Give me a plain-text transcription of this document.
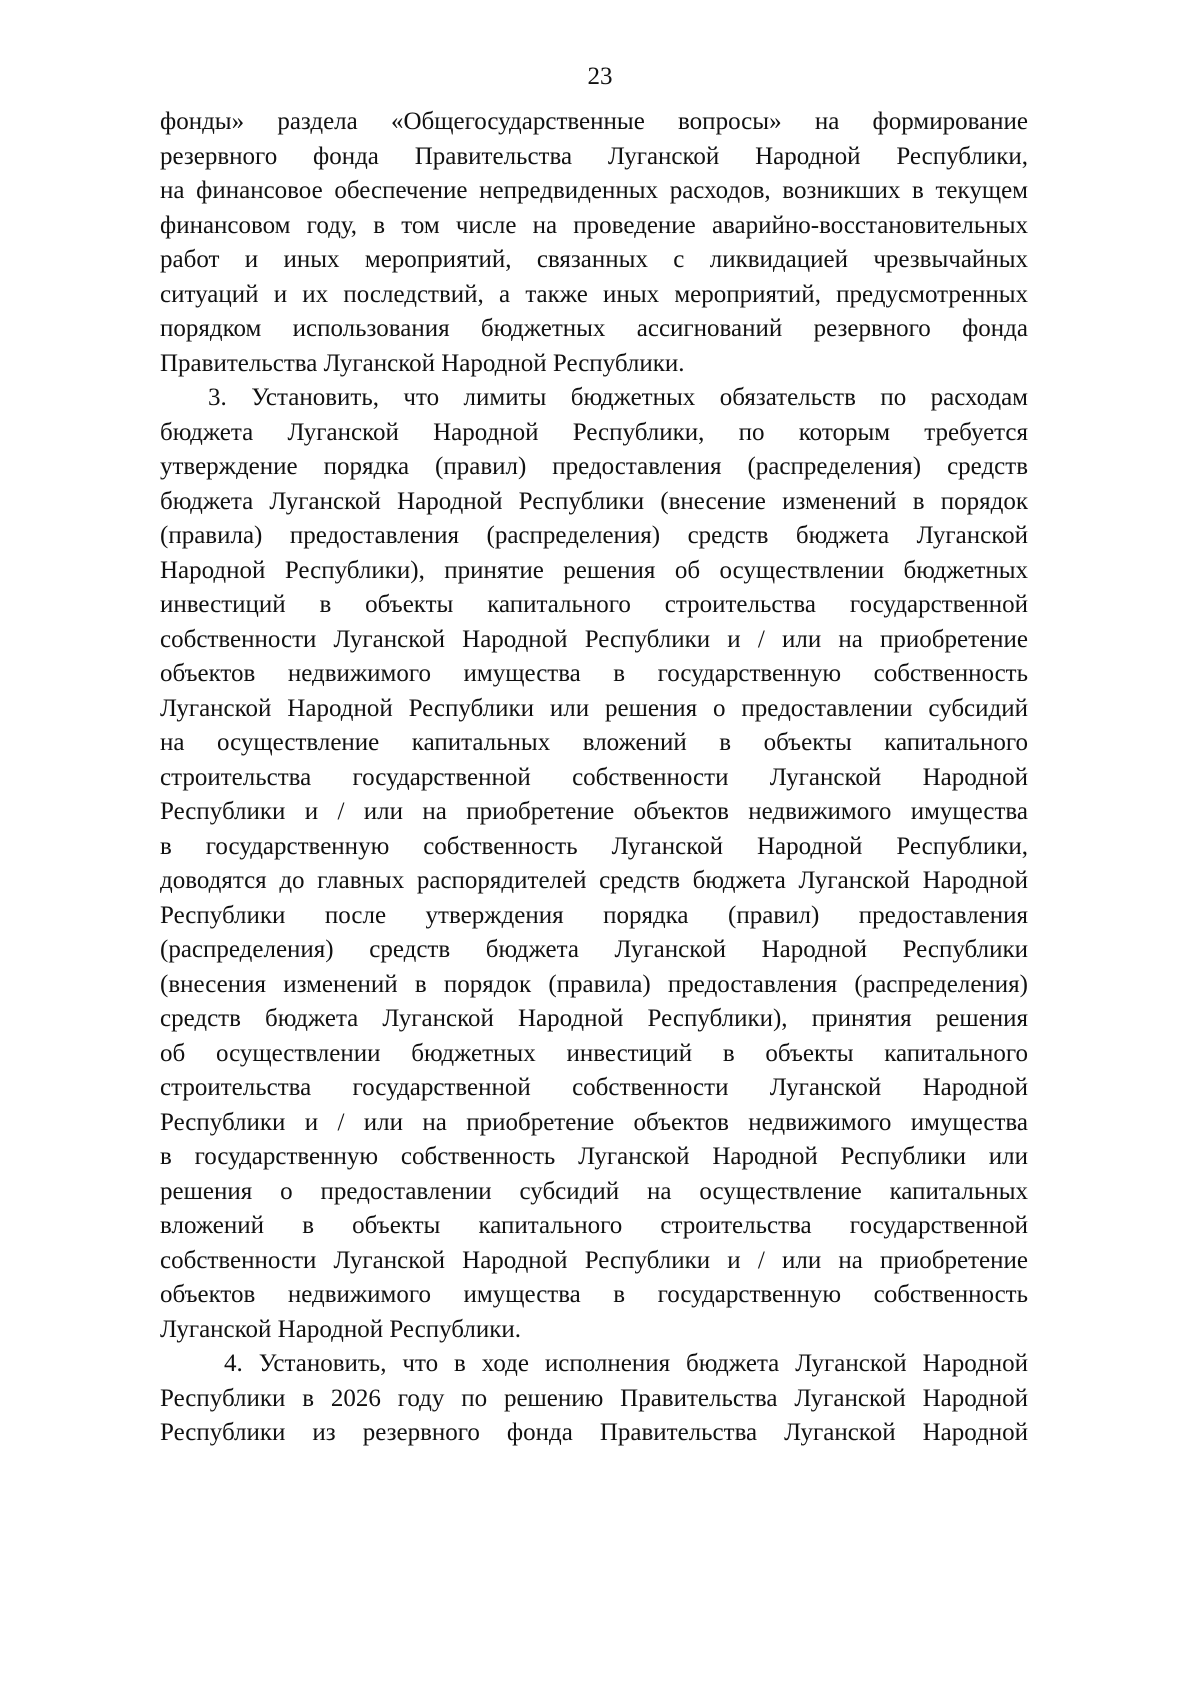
23
фонды» раздела «Общегосударственные вопросы» на формирование
резервного фонда Правительства Луганской Народной Республики,
на финансовое обеспечение непредвиденных расходов, возникших в текущем
финансовом году, в том числе на проведение аварийно-восстановительных
работ и иных мероприятий, связанных с ликвидацией чрезвычайных
ситуаций и их последствий, а также иных мероприятий, предусмотренных
порядком использования бюджетных ассигнований резервного фонда
Правительства Луганской Народной Республики.
3. Установить, что лимиты бюджетных обязательств по расходам
бюджета Луганской Народной Республики, по которым требуется
утверждение порядка (правил) предоставления (распределения) средств
бюджета Луганской Народной Республики (внесение изменений в порядок
(правила) предоставления (распределения) средств бюджета Луганской
Народной Республики), принятие решения об осуществлении бюджетных
инвестиций в объекты капитального строительства государственной
собственности Луганской Народной Республики и / или на приобретение
объектов недвижимого имущества в государственную собственность
Луганской Народной Республики или решения о предоставлении субсидий
на осуществление капитальных вложений в объекты капитального
строительства государственной собственности Луганской Народной
Республики и / или на приобретение объектов недвижимого имущества
в государственную собственность Луганской Народной Республики,
доводятся до главных распорядителей средств бюджета Луганской Народной
Республики после утверждения порядка (правил) предоставления
(распределения) средств бюджета Луганской Народной Республики
(внесения изменений в порядок (правила) предоставления (распределения)
средств бюджета Луганской Народной Республики), принятия решения
об осуществлении бюджетных инвестиций в объекты капитального
строительства государственной собственности Луганской Народной
Республики и / или на приобретение объектов недвижимого имущества
в государственную собственность Луганской Народной Республики или
решения о предоставлении субсидий на осуществление капитальных
вложений в объекты капитального строительства государственной
собственности Луганской Народной Республики и / или на приобретение
объектов недвижимого имущества в государственную собственность
Луганской Народной Республики.
4. Установить, что в ходе исполнения бюджета Луганской Народной
Республики в 2026 году по решению Правительства Луганской Народной
Республики из резервного фонда Правительства Луганской Народной
